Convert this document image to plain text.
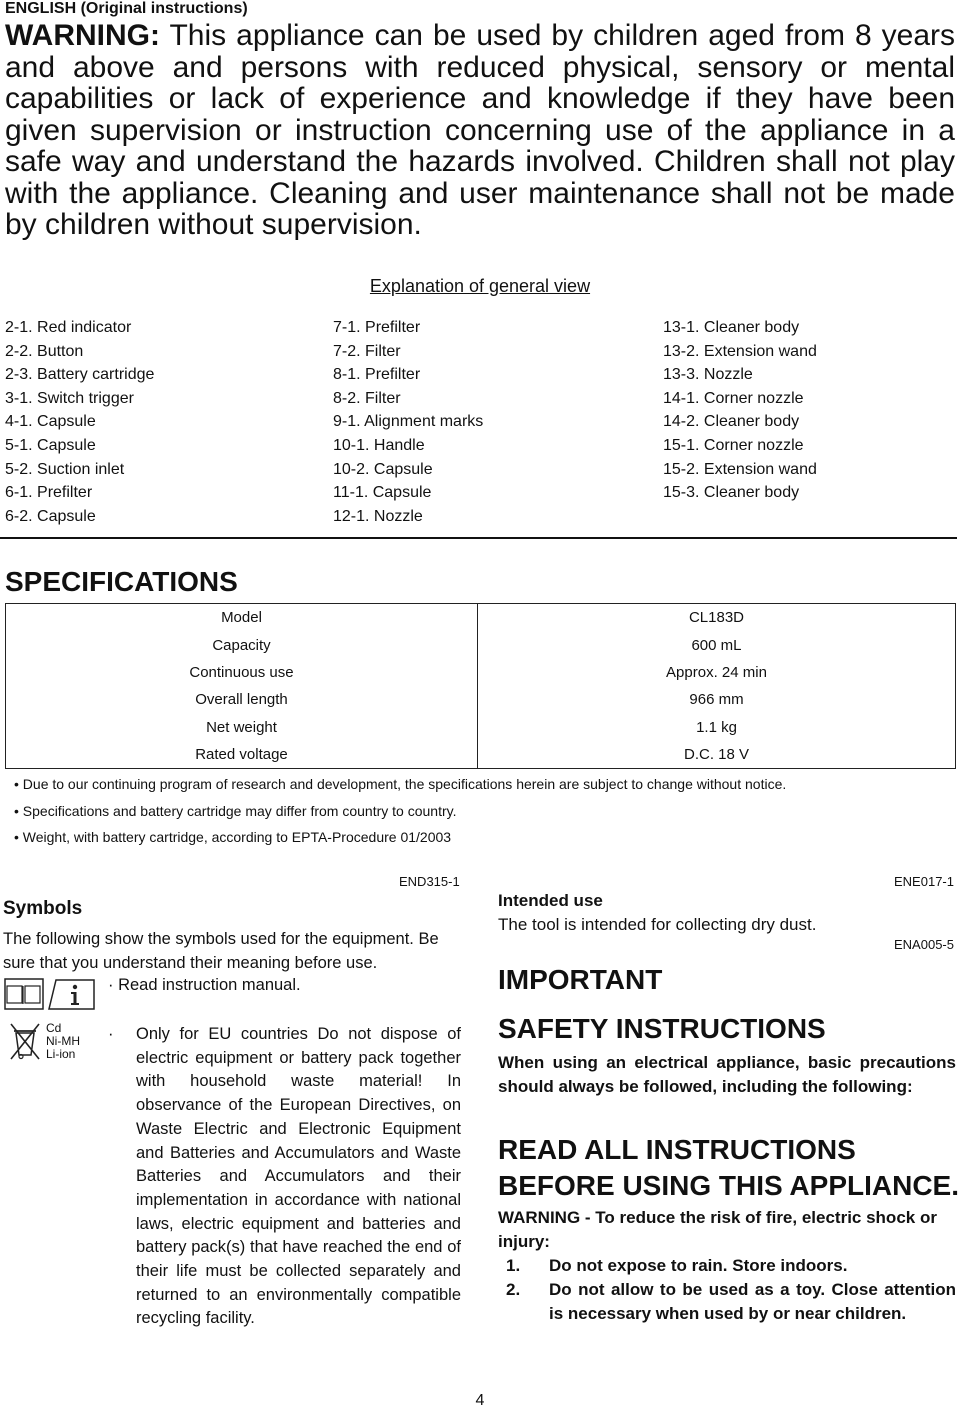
ENGLISH (Original instructions)
WARNING: This appliance can be used by children aged from 8 years and above and persons with reduced physical, sensory or mental capabilities or lack of experience and knowledge if they have been given supervision or instruction concerning use of the appliance in a safe way and understand the hazards involved. Children shall not play with the appliance. Cleaning and user maintenance shall not be made by children without supervision.
Explanation of general view
2-1. Red indicator
2-2. Button
2-3. Battery cartridge
3-1. Switch trigger
4-1. Capsule
5-1. Capsule
5-2. Suction inlet
6-1. Prefilter
6-2. Capsule
7-1. Prefilter
7-2. Filter
8-1. Prefilter
8-2. Filter
9-1. Alignment marks
10-1. Handle
10-2. Capsule
11-1. Capsule
12-1. Nozzle
13-1. Cleaner body
13-2. Extension wand
13-3. Nozzle
14-1. Corner nozzle
14-2. Cleaner body
15-1. Corner nozzle
15-2. Extension wand
15-3. Cleaner body
SPECIFICATIONS
Model	CL183D
Capacity	600 mL
Continuous use	Approx. 24 min
Overall length	966 mm
Net weight	1.1 kg
Rated voltage	D.C. 18 V
• Due to our continuing program of research and development, the specifications herein are subject to change without notice.
• Specifications and battery cartridge may differ from country to country.
• Weight, with battery cartridge, according to EPTA-Procedure 01/2003
END315-1
Symbols
The following show the symbols used for the equipment. Be sure that you understand their meaning before use.
· Read instruction manual.
Cd
Ni-MH
Li-ion
· Only for EU countries Do not dispose of electric equipment or battery pack together with household waste material! In observance of the European Directives, on Waste Electric and Electronic Equipment and Batteries and Accumulators and Waste Batteries and Accumulators and their implementation in accordance with national laws, electric equipment and batteries and battery pack(s) that have reached the end of their life must be collected separately and returned to an environmentally compatible recycling facility.
ENE017-1
Intended use
The tool is intended for collecting dry dust.
ENA005-5
IMPORTANT
SAFETY INSTRUCTIONS
When using an electrical appliance, basic precautions should always be followed, including the following:
READ ALL INSTRUCTIONS
BEFORE USING THIS APPLIANCE.
WARNING - To reduce the risk of fire, electric shock or injury:
1. Do not expose to rain. Store indoors.
2. Do not allow to be used as a toy. Close attention is necessary when used by or near children.
4
